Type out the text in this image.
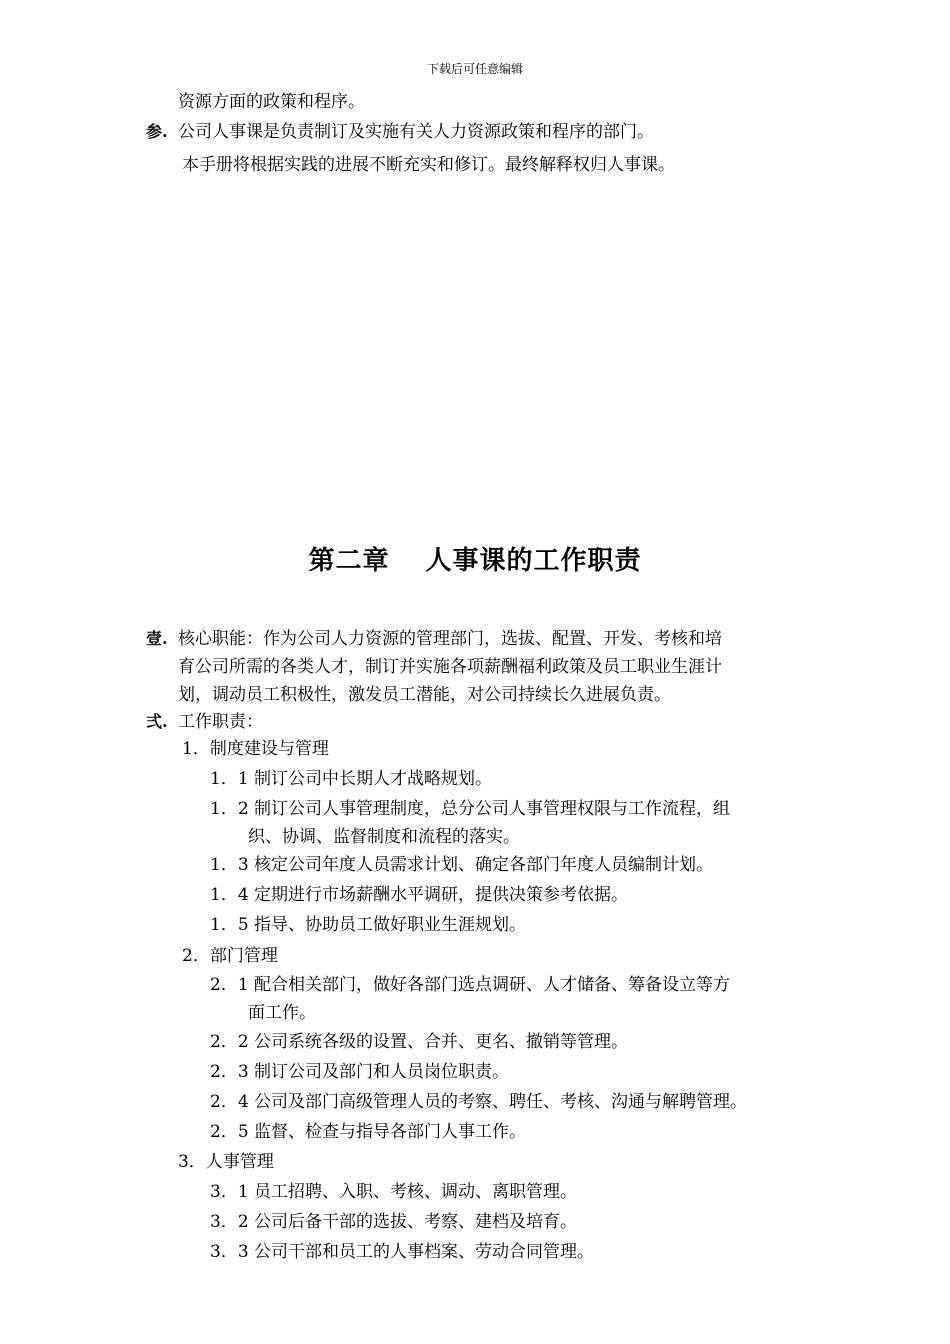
下载后可任意编辑
资源方面的政策和程序。
参. 公司人事课是负责制订及实施有关人力资源政策和程序的部门。
本手册将根据实践的进展不断充实和修订。最终解释权归人事课。
第二章 人事课的工作职责
壹. 核心职能：作为公司人力资源的管理部门，选拔、配置、开发、考核和培
育公司所需的各类人才，制订并实施各项薪酬福利政策及员工职业生涯计
划，调动员工积极性，激发员工潜能，对公司持续长久进展负责。
弍. 工作职责：
1．制度建设与管理
1．1 制订公司中长期人才战略规划。
1．2 制订公司人事管理制度，总分公司人事管理权限与工作流程，组
织、协调、监督制度和流程的落实。
1．3 核定公司年度人员需求计划、确定各部门年度人员编制计划。
1．4 定期进行市场薪酬水平调研，提供决策参考依据。
1．5 指导、协助员工做好职业生涯规划。
2．部门管理
2．1 配合相关部门，做好各部门选点调研、人才储备、筹备设立等方
面工作。
2．2 公司系统各级的设置、合并、更名、撤销等管理。
2．3 制订公司及部门和人员岗位职责。
2．4 公司及部门高级管理人员的考察、聘任、考核、沟通与解聘管理。
2．5 监督、检查与指导各部门人事工作。
3．人事管理
3．1 员工招聘、入职、考核、调动、离职管理。
3．2 公司后备干部的选拔、考察、建档及培育。
3．3 公司干部和员工的人事档案、劳动合同管理。
